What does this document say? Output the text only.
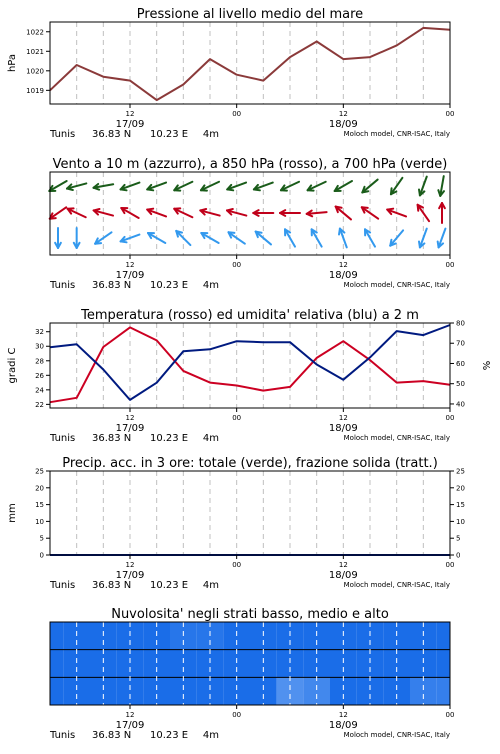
1019
1020
1021
1022
hPa
Pressione al livello medio del mare
12
17/09
00	12
18/09
00
Tunis 36.83 N 10.23 E 4m	Moloch model, CNR-ISAC, Italy
Vento a 10 m (azzurro), a 850 hPa (rosso), a 700 hPa (verde)
12
17/09
00	12
18/09
00
Tunis 36.83 N 10.23 E 4m	Moloch model, CNR-ISAC, Italy
22
24
26
28
30
32
40
50
60
70
80
gradi C	%
Temperatura (rosso) ed umidita' relativa (blu) a 2 m
12
17/09
00	12
18/09
00
Tunis 36.83 N 10.23 E 4m	Moloch model, CNR-ISAC, Italy
0
5
10
15
20
25
0
5
10
15
20
25
mm
Precip. acc. in 3 ore: totale (verde), frazione solida (tratt.)
12
17/09
00	12
18/09
00
Tunis 36.83 N 10.23 E 4m	Moloch model, CNR-ISAC, Italy
Nuvolosita' negli strati basso, medio e alto
12
17/09
00	12
18/09
00
Tunis 36.83 N 10.23 E 4m	Moloch model, CNR-ISAC, Italy
